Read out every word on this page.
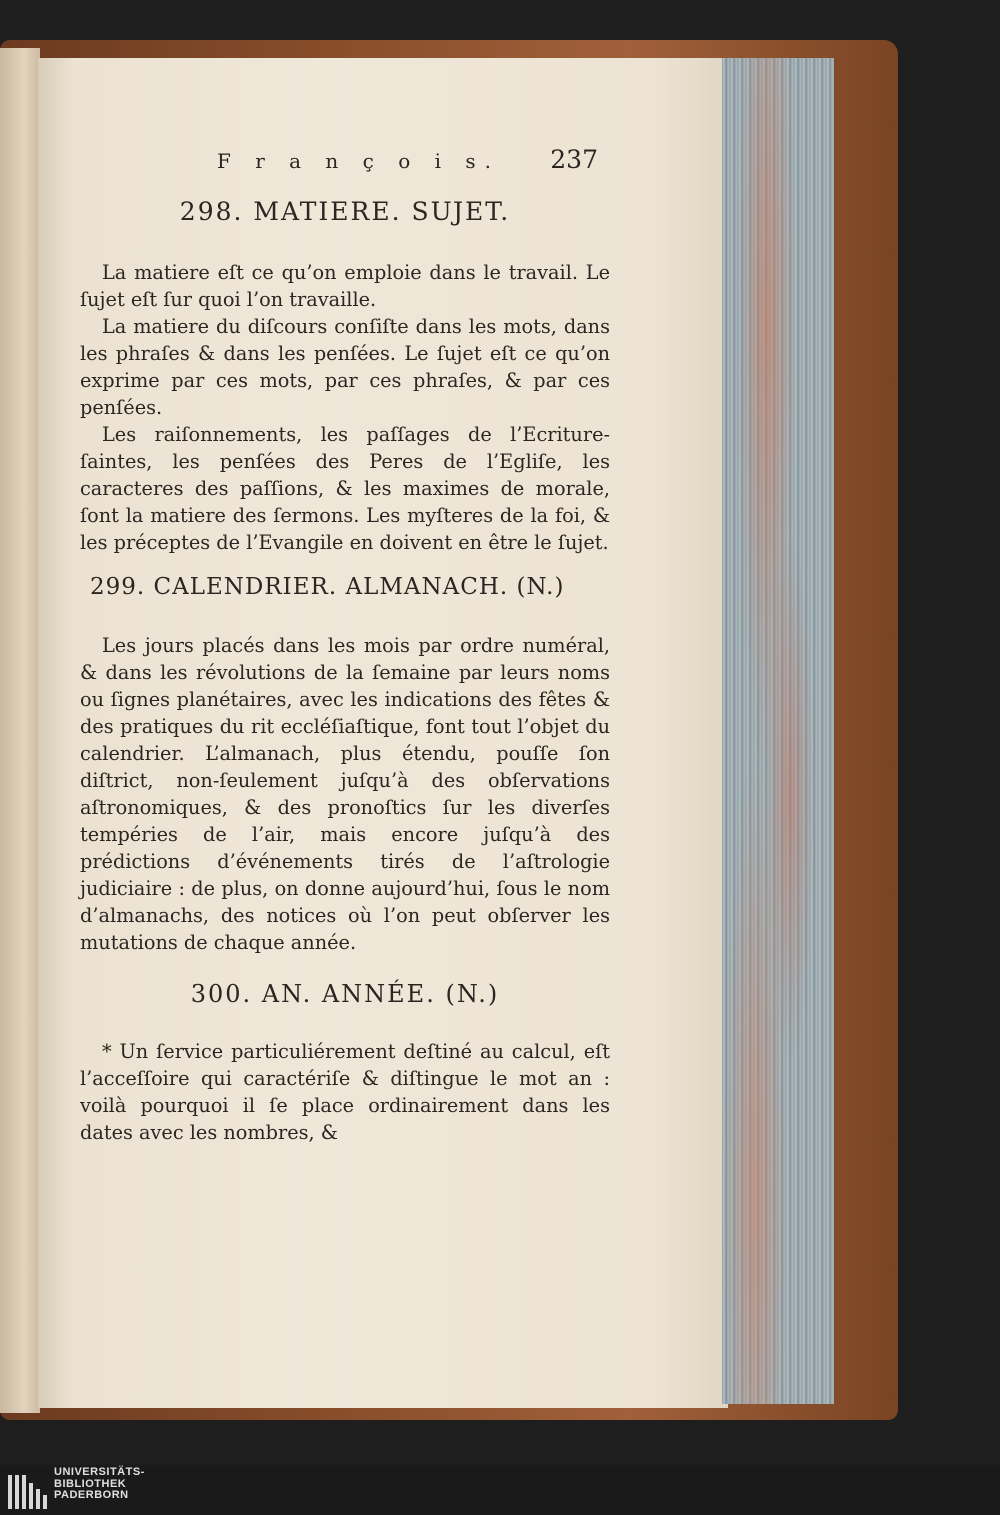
F r a n ç o i s. 237
298. MATIERE. SUJET.

La matiere eſt ce qu’on emploie dans le travail. Le ſujet eſt ſur quoi l’on travaille.

La matiere du diſcours conſiſte dans les mots, dans les phraſes & dans les penſées. Le ſujet eſt ce qu’on exprime par ces mots, par ces phraſes, & par ces penſées.

Les raiſonnements, les paſſages de l’Ecriture-ſaintes, les penſées des Peres de l’Egliſe, les caracteres des paſſions, & les maximes de morale, ſont la matiere des ſermons. Les myſteres de la foi, & les préceptes de l’Evangile en doivent en être le ſujet.

299. CALENDRIER. ALMANACH. (N.)

Les jours placés dans les mois par ordre numéral, & dans les révolutions de la ſemaine par leurs noms ou ſignes planétaires, avec les indications des fêtes & des pratiques du rit eccléſiaſtique, font tout l’objet du calendrier. L’almanach, plus étendu, pouſſe ſon diſtrict, non-ſeulement juſqu’à des obſervations aſtronomiques, & des pronoſtics ſur les diverſes tempéries de l’air, mais encore juſqu’à des prédictions d’événements tirés de l’aſtrologie judiciaire : de plus, on donne aujourd’hui, ſous le nom d’almanachs, des notices où l’on peut obſerver les mutations de chaque année.

300. AN. ANNÉE. (N.)

* Un ſervice particuliérement deſtiné au calcul, eſt l’acceſſoire qui caractériſe & diſtingue le mot an : voilà pourquoi il ſe place ordinairement dans les dates avec les nombres, &

UNIVERSITÄTS-
BIBLIOTHEK
PADERBORN
